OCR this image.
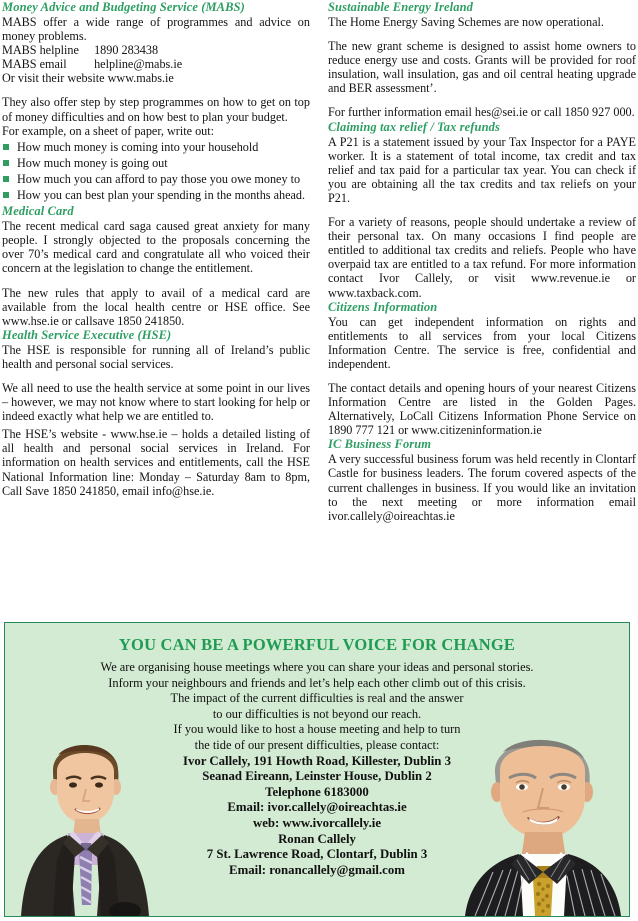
Money Advice and Budgeting Service (MABS)

MABS offer a wide range of programmes and advice on money problems.

MABS helpline  1890 283438

MABS email   helpline@mabs.ie

Or visit their website www.mabs.ie

They also offer step by step programmes on how to get on top of money difficulties and on how best to plan your budget.

For example, on a sheet of paper, write out:

How much money is coming into your household
How much money is going out
How much you can afford to pay those you owe money to
How you can best plan your spending in the months ahead.
Medical Card

The recent medical card saga caused great anxiety for many people. I strongly objected to the proposals concerning the over 70’s medical card and congratulate all who voiced their concern at the legislation to change the entitlement.

The new rules that apply to avail of a medical card are available from the local health centre or HSE office. See www.hse.ie or callsave 1850 241850.

Health Service Executive (HSE)

The HSE is responsible for running all of Ireland’s public health and personal social services.

We all need to use the health service at some point in our lives – however, we may not know where to start looking for help or indeed exactly what help we are entitled to.

The HSE’s website - www.hse.ie – holds a detailed listing of all health and personal social services in Ireland. For information on health services and entitlements, call the HSE National Information line: Monday – Saturday 8am to 8pm, Call Save 1850 241850, email info@hse.ie.

Sustainable Energy Ireland

The Home Energy Saving Schemes are now operational.

The new grant scheme is designed to assist home owners to reduce energy use and costs. Grants will be provided for roof insulation, wall insulation, gas and oil central heating upgrade and BER assessment’.

For further information email hes@sei.ie or call 1850 927 000.

Claiming tax relief / Tax refunds

A P21 is a statement issued by your Tax Inspector for a PAYE worker. It is a statement of total income, tax credit and tax relief and tax paid for a particular tax year. You can check if you are obtaining all the tax credits and tax reliefs on your P21.

For a variety of reasons, people should undertake a review of their personal tax. On many occasions I find people are entitled to additional tax credits and reliefs. People who have overpaid tax are entitled to a tax refund. For more information contact Ivor Callely, or visit www.revenue.ie or www.taxback.com.

Citizens Information

You can get independent information on rights and entitlements to all services from your local Citizens Information Centre. The service is free, confidential and independent.

The contact details and opening hours of your nearest Citizens Information Centre are listed in the Golden Pages. Alternatively, LoCall Citizens Information Phone Service on 1890 777 121 or www.citizeninformation.ie

IC Business Forum

A very successful business forum was held recently in Clontarf Castle for business leaders. The forum covered aspects of the current challenges in business. If you would like an invitation to the next meeting or more information email ivor.callely@oireachtas.ie

YOU CAN BE A POWERFUL VOICE FOR CHANGE
We are organising house meetings where you can share your ideas and personal stories.
Inform your neighbours and friends and let’s help each other climb out of this crisis.
The impact of the current difficulties is real and the answer
to our difficulties is not beyond our reach.
If you would like to host a house meeting and help to turn
the tide of our present difficulties, please contact:
Ivor Callely, 191 Howth Road, Killester, Dublin 3
Seanad Eireann, Leinster House, Dublin 2
Telephone 6183000
Email: ivor.callely@oireachtas.ie
web: www.ivorcallely.ie
Ronan Callely
7 St. Lawrence Road, Clontarf, Dublin 3
Email: ronancallely@gmail.com
